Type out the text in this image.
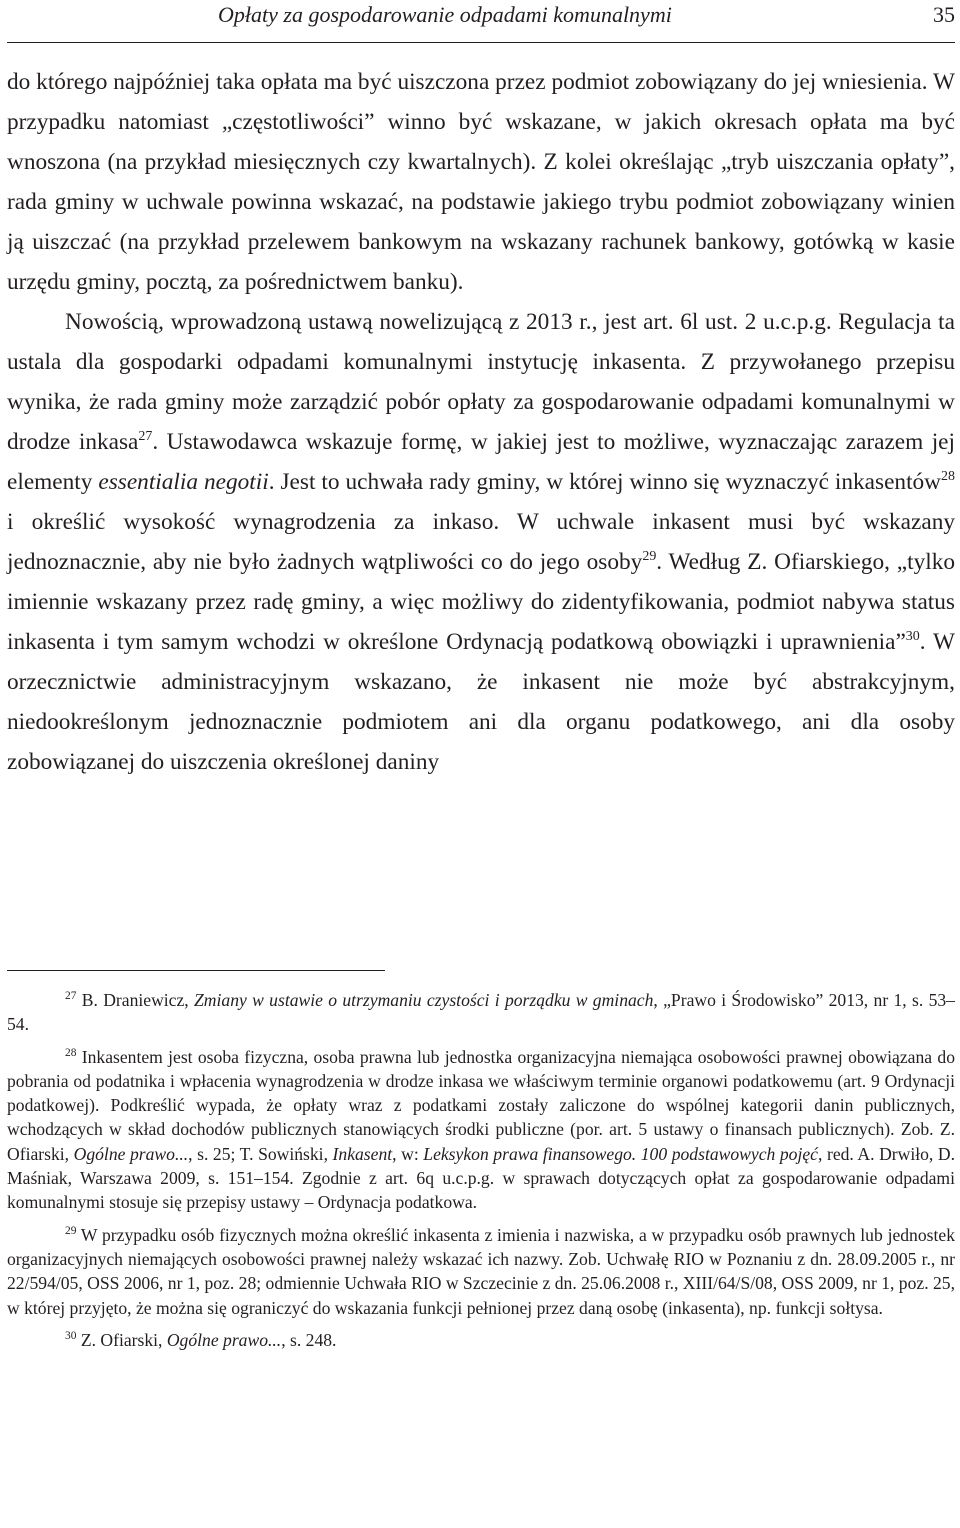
Opłaty za gospodarowanie odpadami komunalnymi	35

do którego najpóźniej taka opłata ma być uiszczona przez podmiot zobowiązany do jej wniesienia. W przypadku natomiast „częstotliwości” winno być wskazane, w jakich okresach opłata ma być wnoszona (na przykład miesięcznych czy kwartalnych). Z kolei określając „tryb uiszczania opłaty”, rada gminy w uchwale powinna wskazać, na podstawie jakiego trybu podmiot zobowiązany winien ją uiszczać (na przykład przelewem bankowym na wskazany rachunek bankowy, gotówką w kasie urzędu gminy, pocztą, za pośrednictwem banku).

Nowością, wprowadzoną ustawą nowelizującą z 2013 r., jest art. 6l ust. 2 u.c.p.g. Regulacja ta ustala dla gospodarki odpadami komunalnymi instytucję inkasenta. Z przywołanego przepisu wynika, że rada gminy może zarządzić pobór opłaty za gospodarowanie odpadami komunalnymi w drodze inkasa$^{27}$. Ustawodawca wskazuje formę, w jakiej jest to możliwe, wyznaczając zarazem jej elementy essentialia negotii. Jest to uchwała rady gminy, w której winno się wyznaczyć inkasentów$^{28}$ i określić wysokość wynagrodzenia za inkaso. W uchwale inkasent musi być wskazany jednoznacznie, aby nie było żadnych wątpliwości co do jego osoby$^{29}$. Według Z. Ofiarskiego, „tylko imiennie wskazany przez radę gminy, a więc możliwy do zidentyfikowania, podmiot nabywa status inkasenta i tym samym wchodzi w określone Ordynacją podatkową obowiązki i uprawnienia”$^{30}$. W orzecznictwie administracyjnym wskazano, że inkasent nie może być abstrakcyjnym, niedookreślonym jednoznacznie podmiotem ani dla organu podatkowego, ani dla osoby zobowiązanej do uiszczenia określonej daniny

$^{27}$ B. Draniewicz, Zmiany w ustawie o utrzymaniu czystości i porządku w gminach, „Prawo i Środowisko” 2013, nr 1, s. 53–54.

$^{28}$ Inkasentem jest osoba fizyczna, osoba prawna lub jednostka organizacyjna niemająca osobowości prawnej obowiązana do pobrania od podatnika i wpłacenia wynagrodzenia w drodze inkasa we właściwym terminie organowi podatkowemu (art. 9 Ordynacji podatkowej). Podkreślić wypada, że opłaty wraz z podatkami zostały zaliczone do wspólnej kategorii danin publicznych, wchodzących w skład dochodów publicznych stanowiących środki publiczne (por. art. 5 ustawy o finansach publicznych). Zob. Z. Ofiarski, Ogólne prawo..., s. 25; T. Sowiński, Inkasent, w: Leksykon prawa finansowego. 100 podstawowych pojęć, red. A. Drwiło, D. Maśniak, Warszawa 2009, s. 151–154. Zgodnie z art. 6q u.c.p.g. w sprawach dotyczących opłat za gospodarowanie odpadami komunalnymi stosuje się przepisy ustawy – Ordynacja podatkowa.

$^{29}$ W przypadku osób fizycznych można określić inkasenta z imienia i nazwiska, a w przypadku osób prawnych lub jednostek organizacyjnych niemających osobowości prawnej należy wskazać ich nazwy. Zob. Uchwałę RIO w Poznaniu z dn. 28.09.2005 r., nr 22/594/05, OSS 2006, nr 1, poz. 28; odmiennie Uchwała RIO w Szczecinie z dn. 25.06.2008 r., XIII/64/S/08, OSS 2009, nr 1, poz. 25, w której przyjęto, że można się ograniczyć do wskazania funkcji pełnionej przez daną osobę (inkasenta), np. funkcji sołtysa.

$^{30}$ Z. Ofiarski, Ogólne prawo..., s. 248.
